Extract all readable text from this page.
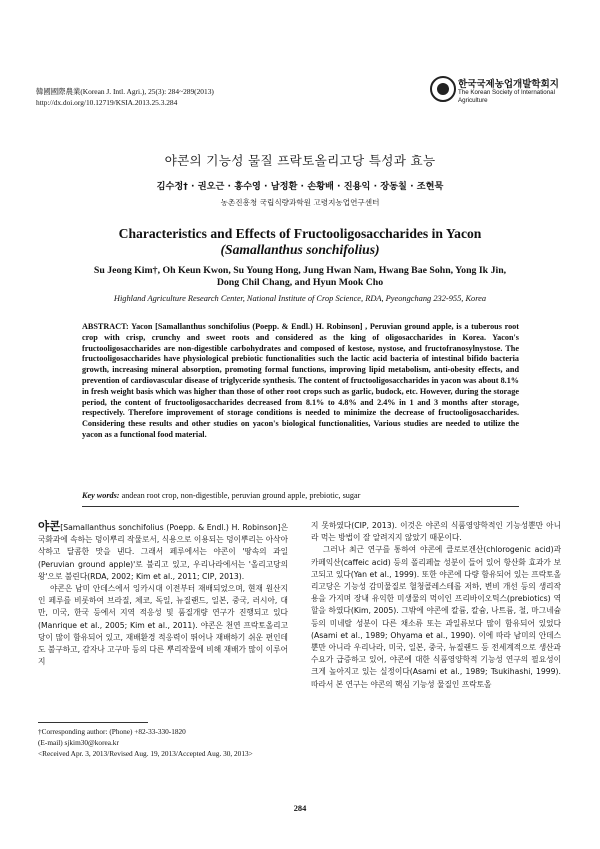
韓國國際農業(Korean J. Intl. Agri.), 25(3): 284~289(2013)
http://dx.doi.org/10.12719/KSIA.2013.25.3.284
한국국제농업개발학회지
The Korean Society of International Agriculture
야콘의 기능성 물질 프락토올리고당 특성과 효능
김수정† · 권오근 · 홍수영 · 남정환 · 손황배 · 진용익 · 장동칠 · 조현묵
농촌진흥청 국립식량과학원 고령지농업연구센터
Characteristics and Effects of Fructooligosaccharides in Yacon
(Samallanthus sonchifolius)
Su Jeong Kim†, Oh Keun Kwon, Su Young Hong, Jung Hwan Nam, Hwang Bae Sohn, Yong Ik Jin,
Dong Chil Chang, and Hyun Mook Cho
Highland Agriculture Research Center, National Institute of Crop Science, RDA, Pyeongchang 232-955, Korea
ABSTRACT: Yacon [Samallanthus sonchifolius (Poepp. & Endl.) H. Robinson] , Peruvian ground apple, is a tuberous root crop with crisp, crunchy and sweet roots and considered as the king of oligosaccharides in Korea. Yacon's fructooligosaccharides are non-digestible carbohydrates and composed of kestose, nystose, and fructofranosylnystose. The fructooligosaccharides have physiological prebiotic functionalities such the lactic acid bacteria of intestinal bifido bacteria growth, increasing mineral absorption, promoting formal functions, improving lipid metabolism, anti-obesity effects, and prevention of cardiovascular disease of triglyceride synthesis. The content of fructooligosaccharides in yacon was about 8.1% in fresh weight basis which was higher than those of other root crops such as garlic, budock, etc. However, during the storage period, the content of fructooligosaccharides decreased from 8.1% to 4.8% and 2.4% in 1 and 3 months after storage, respectively. Therefore improvement of storage conditions is needed to minimize the decrease of fructooligosaccharides. Considering these results and other studies on yacon's biological functionalities, Various studies are needed to utilize the yacon as a functional food material.
Key words: andean root crop, non-digestible, peruvian ground apple, prebiotic, sugar

야콘[Samallanthus sonchifolius (Poepp. & Endl.) H. Robinson]은 국화과에 속하는 덩이뿌리 작물로서, 식용으로 이용되는 덩이뿌리는 아삭아삭하고 달콤한 맛을 낸다. 그래서 페루에서는 야콘이 '땅속의 과일(Peruvian ground apple)'로 불리고 있고, 우리나라에서는 '올리고당의 왕'으로 불린다(RDA, 2002; Kim et al., 2011; CIP, 2013).

야콘은 남미 안데스에서 잉카시대 이전부터 재배되었으며, 현재 원산지인 페루를 비롯하여 브라질, 체코, 독일, 뉴질랜드, 일본, 중국, 러시아, 대만, 미국, 한국 등에서 지역 적응성 및 품질개량 연구가 진행되고 있다(Manrique et al., 2005; Kim et al., 2011). 야콘은 천연 프락토올리고당이 많이 함유되어 있고, 재배환경 적응력이 뛰어나 재배하기 쉬운 편인데도 불구하고, 감자나 고구마 등의 다른 뿌리작물에 비해 재배가 많이 이루어지

지 못하였다(CIP, 2013). 이것은 야콘의 식품영양학적인 기능성뿐만 아니라 먹는 방법이 잘 알려지지 않았기 때문이다.

그러나 최근 연구를 통하여 야콘에 클로로겐산(chlorogenic acid)과 카페익산(caffeic acid) 등의 폴리페놀 성분이 들어 있어 항산화 효과가 보고되고 있다(Yan et al., 1999). 또한 야콘에 다량 함유되어 있는 프락토올리고당은 기능성 감미물질로 혈청콜레스테롤 저하, 변비 개선 등의 생리작용을 가지며 장내 유익한 미생물의 먹이인 프리바이오틱스(prebiotics) 역할을 하였다(Kim, 2005). 그밖에 야콘에 칼륨, 칼슘, 나트륨, 철, 마그네슘 등의 미네랄 성분이 다른 채소류 또는 과일류보다 많이 함유되어 있었다(Asami et al., 1989; Ohyama et al., 1990). 이에 따라 남미의 안데스 뿐만 아니라 우리나라, 미국, 일본, 중국, 뉴질랜드 등 전세계적으로 생산과 수요가 급증하고 있어, 야콘에 대한 식품영양학적 기능성 연구의 필요성이 크게 높아지고 있는 실정이다(Asami et al., 1989; Tsukihashi, 1999). 따라서 본 연구는 야콘의 핵심 기능성 물질인 프락토올

†Corresponding author: (Phone) +82-33-330-1820
(E-mail) sjkim30@korea.kr
<Received Apr. 3, 2013/Revised Aug. 19, 2013/Accepted Aug. 30, 2013>
284
